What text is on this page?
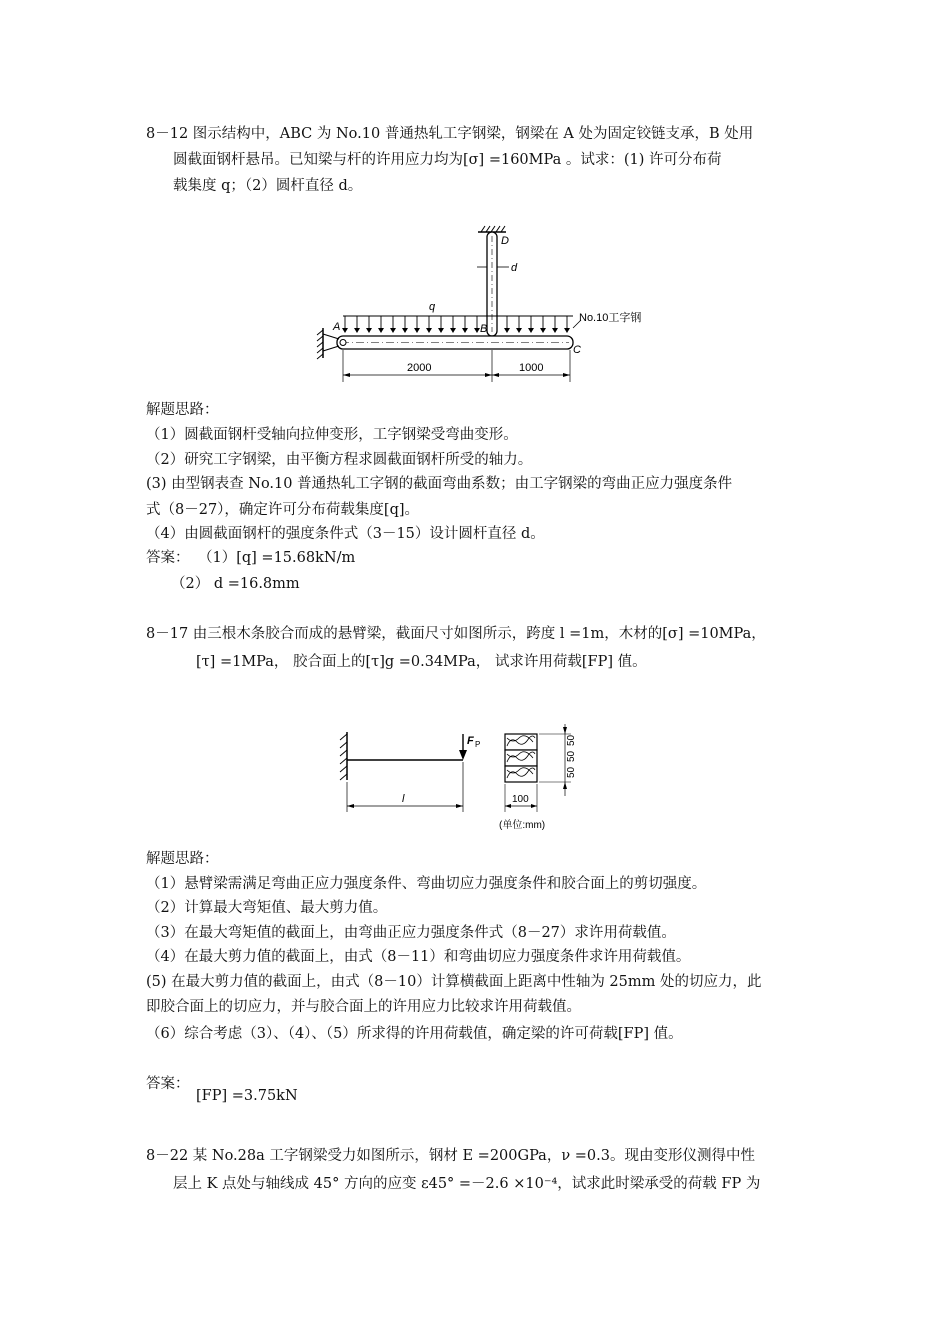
8－12 图示结构中，ABC 为 No.10 普通热轧工字钢梁，钢梁在 A 处为固定铰链支承，B 处用
圆截面钢杆悬吊。已知梁与杆的许用应力均为[σ] =160MPa 。试求：(1) 许可分布荷
载集度 q；（2）圆杆直径 d。
D
d
q
A	B
C
No.10工字钢
2000	1000
解题思路：
（1）圆截面钢杆受轴向拉伸变形，工字钢梁受弯曲变形。
（2）研究工字钢梁，由平衡方程求圆截面钢杆所受的轴力。
(3) 由型钢表查 No.10 普通热轧工字钢的截面弯曲系数；由工字钢梁的弯曲正应力强度条件
式（8－27），确定许可分布荷载集度[q]。
（4）由圆截面钢杆的强度条件式（3－15）设计圆杆直径 d。
答案： （1）[q] =15.68kN/m
（2） d =16.8mm
8－17 由三根木条胶合而成的悬臂梁，截面尺寸如图所示，跨度 l =1m，木材的[σ] =10MPa，
[τ] =1MPa， 胶合面上的[τ]g =0.34MPa， 试求许用荷载[FP] 值。
F P
l
50
50
50
100
(单位:mm)
解题思路：
（1）悬臂梁需满足弯曲正应力强度条件、弯曲切应力强度条件和胶合面上的剪切强度。
（2）计算最大弯矩值、最大剪力值。
（3）在最大弯矩值的截面上，由弯曲正应力强度条件式（8－27）求许用荷载值。
（4）在最大剪力值的截面上，由式（8－11）和弯曲切应力强度条件求许用荷载值。
(5) 在最大剪力值的截面上，由式（8－10）计算横截面上距离中性轴为 25mm 处的切应力，此
即胶合面上的切应力，并与胶合面上的许用应力比较求许用荷载值。
（6）综合考虑（3）、（4）、（5）所求得的许用荷载值，确定梁的许可荷载[FP] 值。
答案：
[FP] =3.75kN
8－22 某 No.28a 工字钢梁受力如图所示，钢材 E =200GPa，ν =0.3。现由变形仪测得中性
层上 K 点处与轴线成 45° 方向的应变 ε45° =－2.6 ×10⁻⁴，试求此时梁承受的荷载 FP 为
